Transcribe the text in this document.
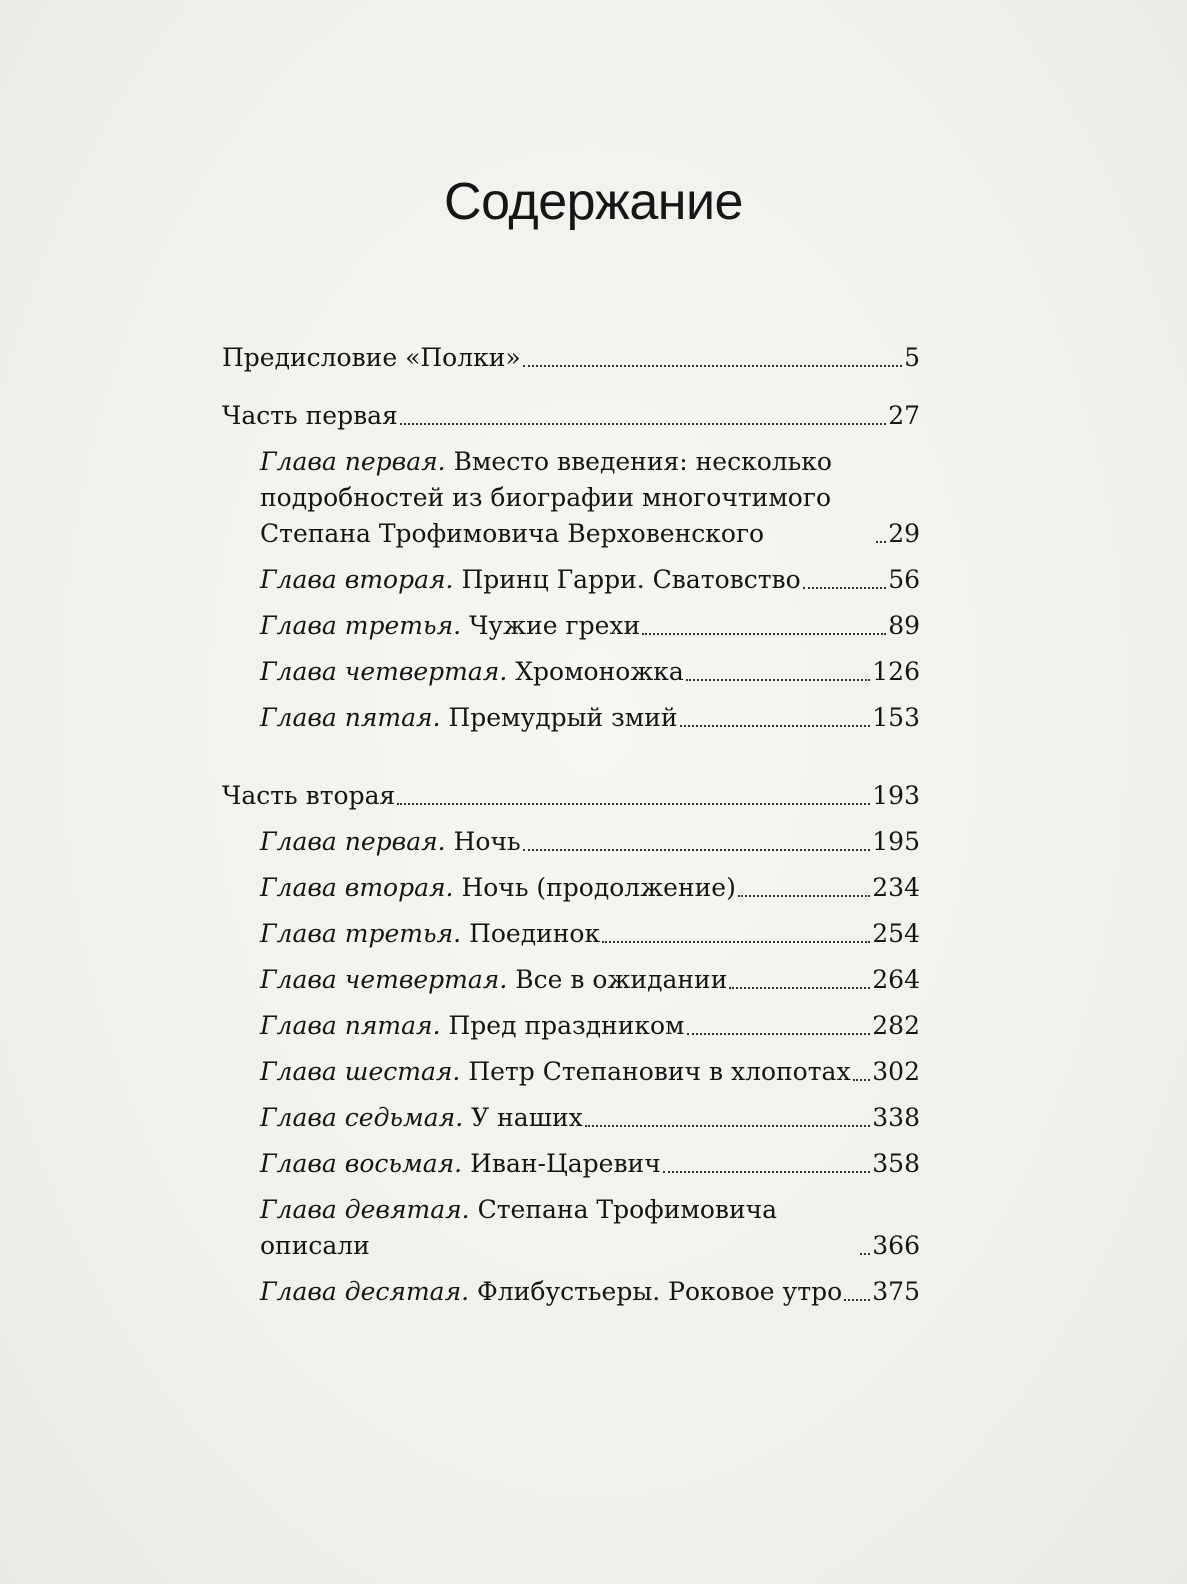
Содержание
Предисловие «Полки»	5
Часть первая	27
Глава первая. Вместо введения: несколько подробностей из биографии многочтимого Степана Трофимовича Верховенского	29
Глава вторая. Принц Гарри. Сватовство	56
Глава третья. Чужие грехи	89
Глава четвертая. Хромоножка	126
Глава пятая. Премудрый змий	153
Часть вторая	193
Глава первая. Ночь	195
Глава вторая. Ночь (продолжение)	234
Глава третья. Поединок	254
Глава четвертая. Все в ожидании	264
Глава пятая. Пред праздником	282
Глава шестая. Петр Степанович в хлопотах 302
Глава седьмая. У наших	338
Глава восьмая. Иван-Царевич	358
Глава девятая. Степана Трофимовича описали	366
Глава десятая. Флибустьеры. Роковое утро 375
